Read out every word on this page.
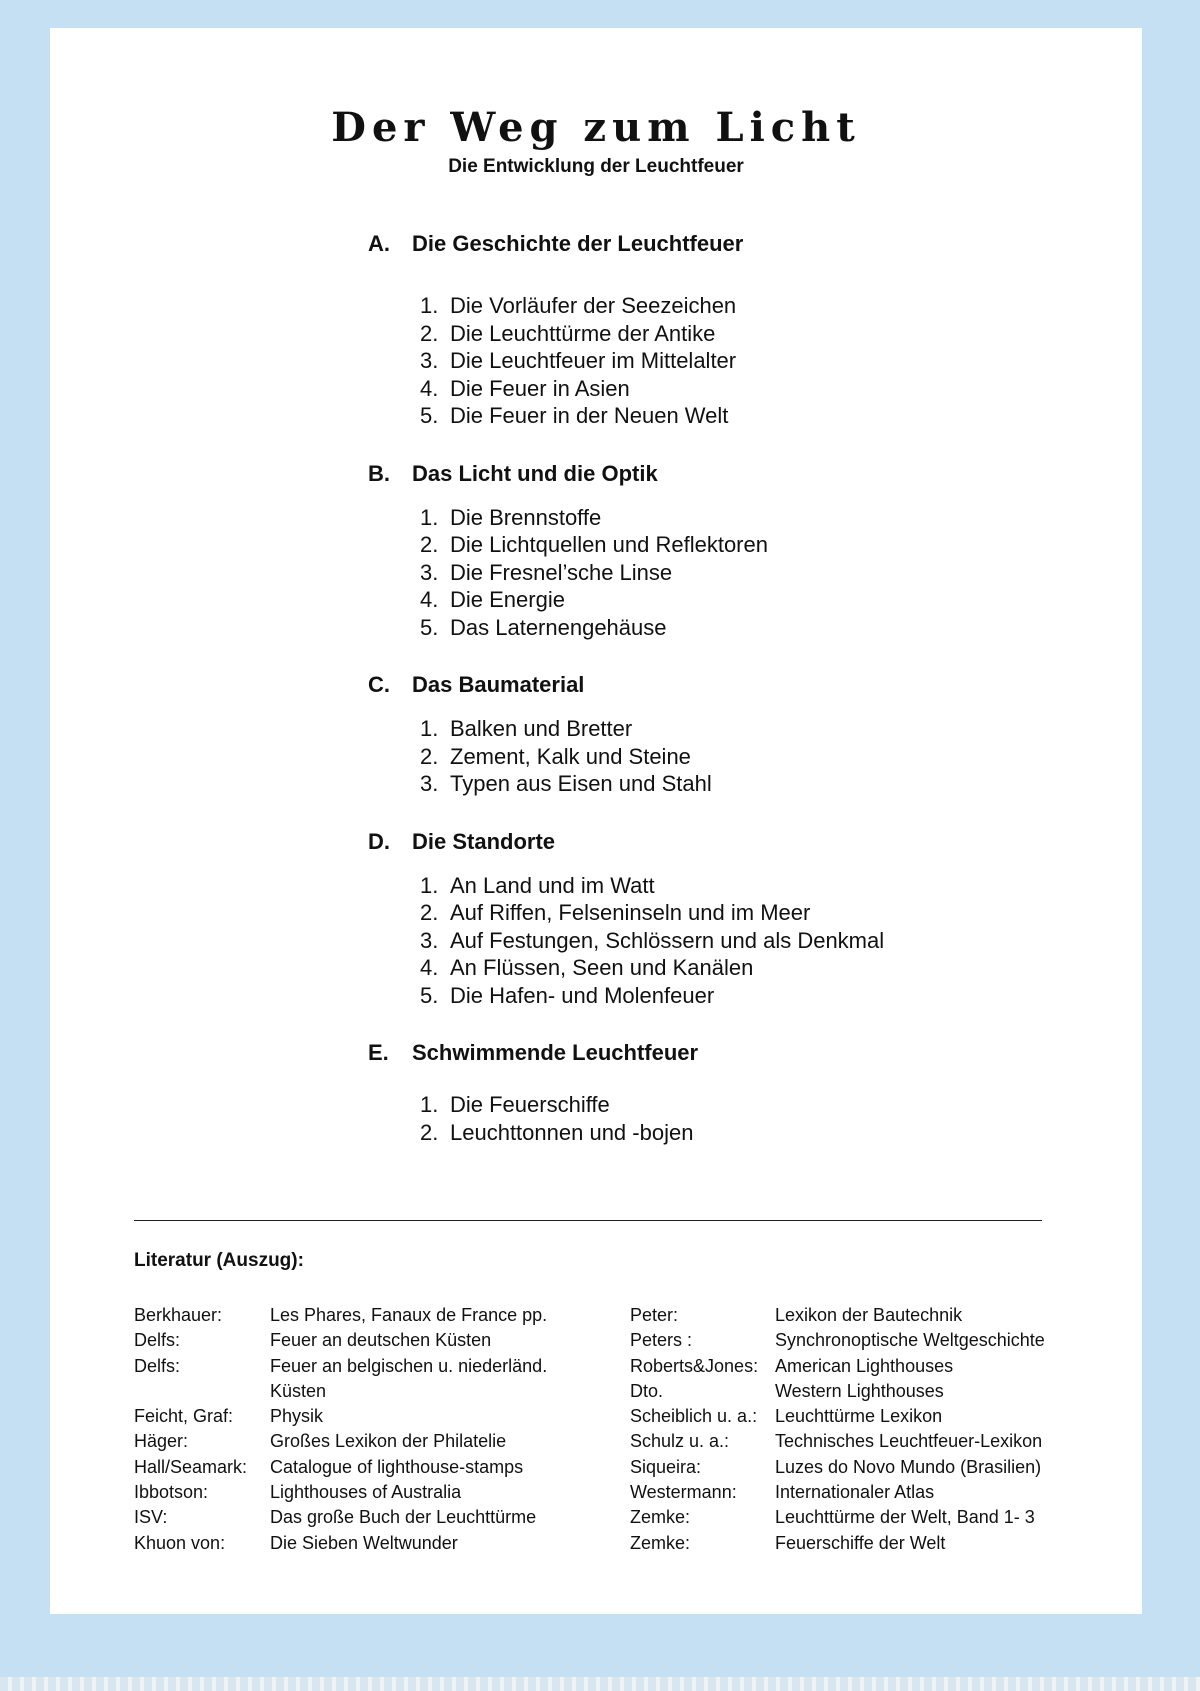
Der Weg zum Licht
Die Entwicklung der Leuchtfeuer
A.	Die Geschichte der Leuchtfeuer
1. Die Vorläufer der Seezeichen
2. Die Leuchttürme der Antike
3. Die Leuchtfeuer im Mittelalter
4. Die Feuer in Asien
5. Die Feuer in der Neuen Welt
B.	Das Licht und die Optik
1. Die Brennstoffe
2. Die Lichtquellen und Reflektoren
3. Die Fresnel’sche Linse
4. Die Energie
5. Das Laternengehäuse
C.	Das Baumaterial
1. Balken und Bretter
2. Zement, Kalk und Steine
3. Typen aus Eisen und Stahl
D.	Die Standorte
1. An Land und im Watt
2. Auf Riffen, Felseninseln und im Meer
3. Auf Festungen, Schlössern und als Denkmal
4. An Flüssen, Seen und Kanälen
5. Die Hafen- und Molenfeuer
E.	Schwimmende Leuchtfeuer
1. Die Feuerschiffe
2. Leuchttonnen und -bojen
Literatur (Auszug):
Berkhauer:	Les Phares, Fanaux de France pp.
Delfs:	Feuer an deutschen Küsten
Delfs:	Feuer an belgischen u. niederländ.
Küsten
Feicht, Graf:	Physik
Häger:	Großes Lexikon der Philatelie
Hall/Seamark:	Catalogue of lighthouse-stamps
Ibbotson:	Lighthouses of Australia
ISV:	Das große Buch der Leuchttürme
Khuon von:	Die Sieben Weltwunder
Peter:	Lexikon der Bautechnik
Peters :	Synchronoptische Weltgeschichte
Roberts&Jones: American Lighthouses
Dto.	Western Lighthouses
Scheiblich u. a.: Leuchttürme Lexikon
Schulz u. a.:	Technisches Leuchtfeuer-Lexikon
Siqueira:	Luzes do Novo Mundo (Brasilien)
Westermann:	Internationaler Atlas
Zemke:	Leuchttürme der Welt, Band 1- 3
Zemke:	Feuerschiffe der Welt
